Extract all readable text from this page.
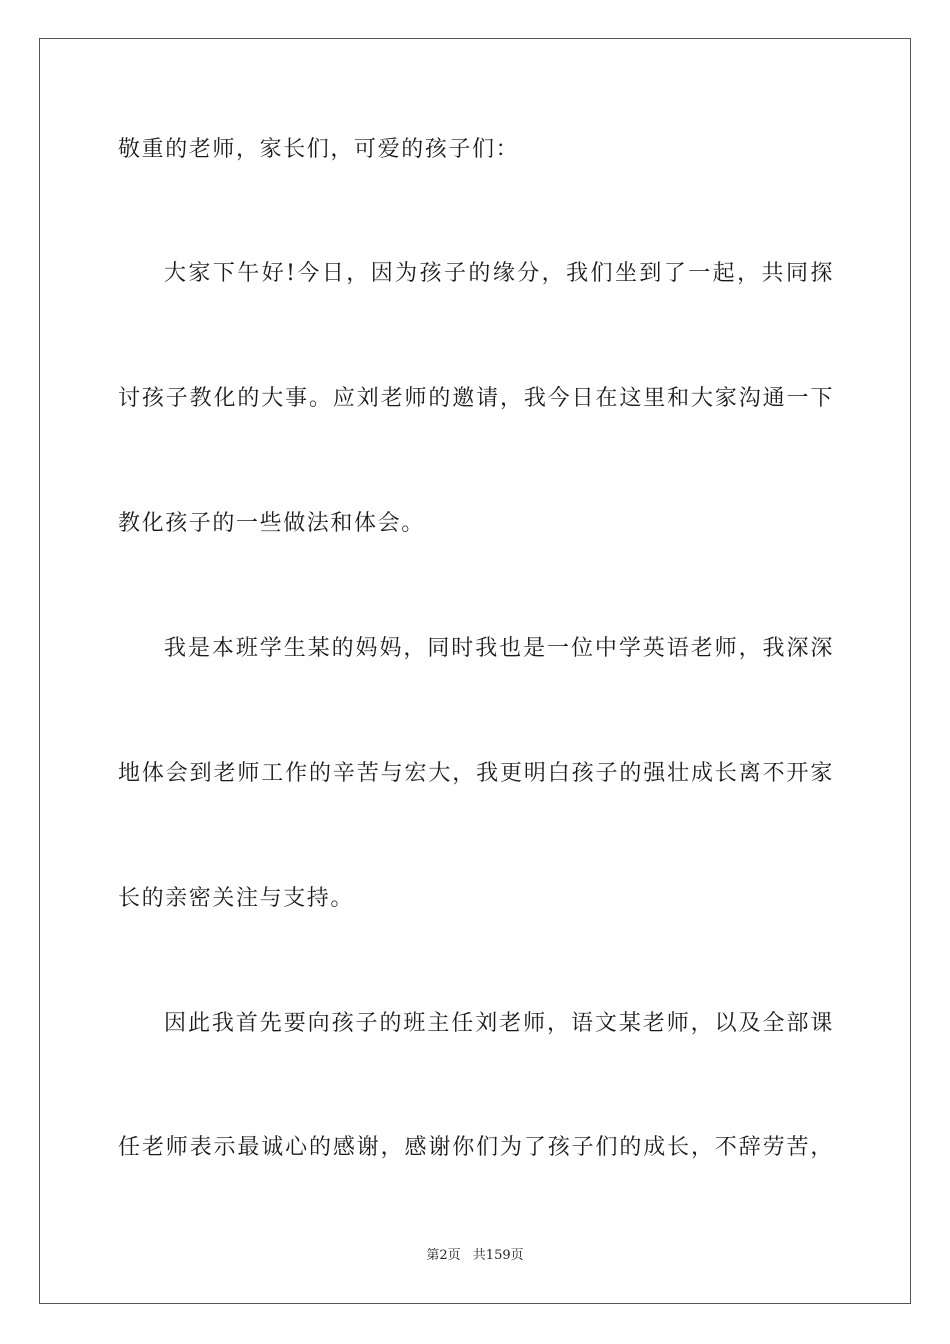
敬重的老师，家长们，可爱的孩子们：
大家下午好!今日，因为孩子的缘分，我们坐到了一起，共同探
讨孩子教化的大事。应刘老师的邀请，我今日在这里和大家沟通一下
教化孩子的一些做法和体会。
我是本班学生某的妈妈，同时我也是一位中学英语老师，我深深
地体会到老师工作的辛苦与宏大，我更明白孩子的强壮成长离不开家
长的亲密关注与支持。
因此我首先要向孩子的班主任刘老师，语文某老师，以及全部课
任老师表示最诚心的感谢，感谢你们为了孩子们的成长，不辞劳苦，
第2页 共159页
